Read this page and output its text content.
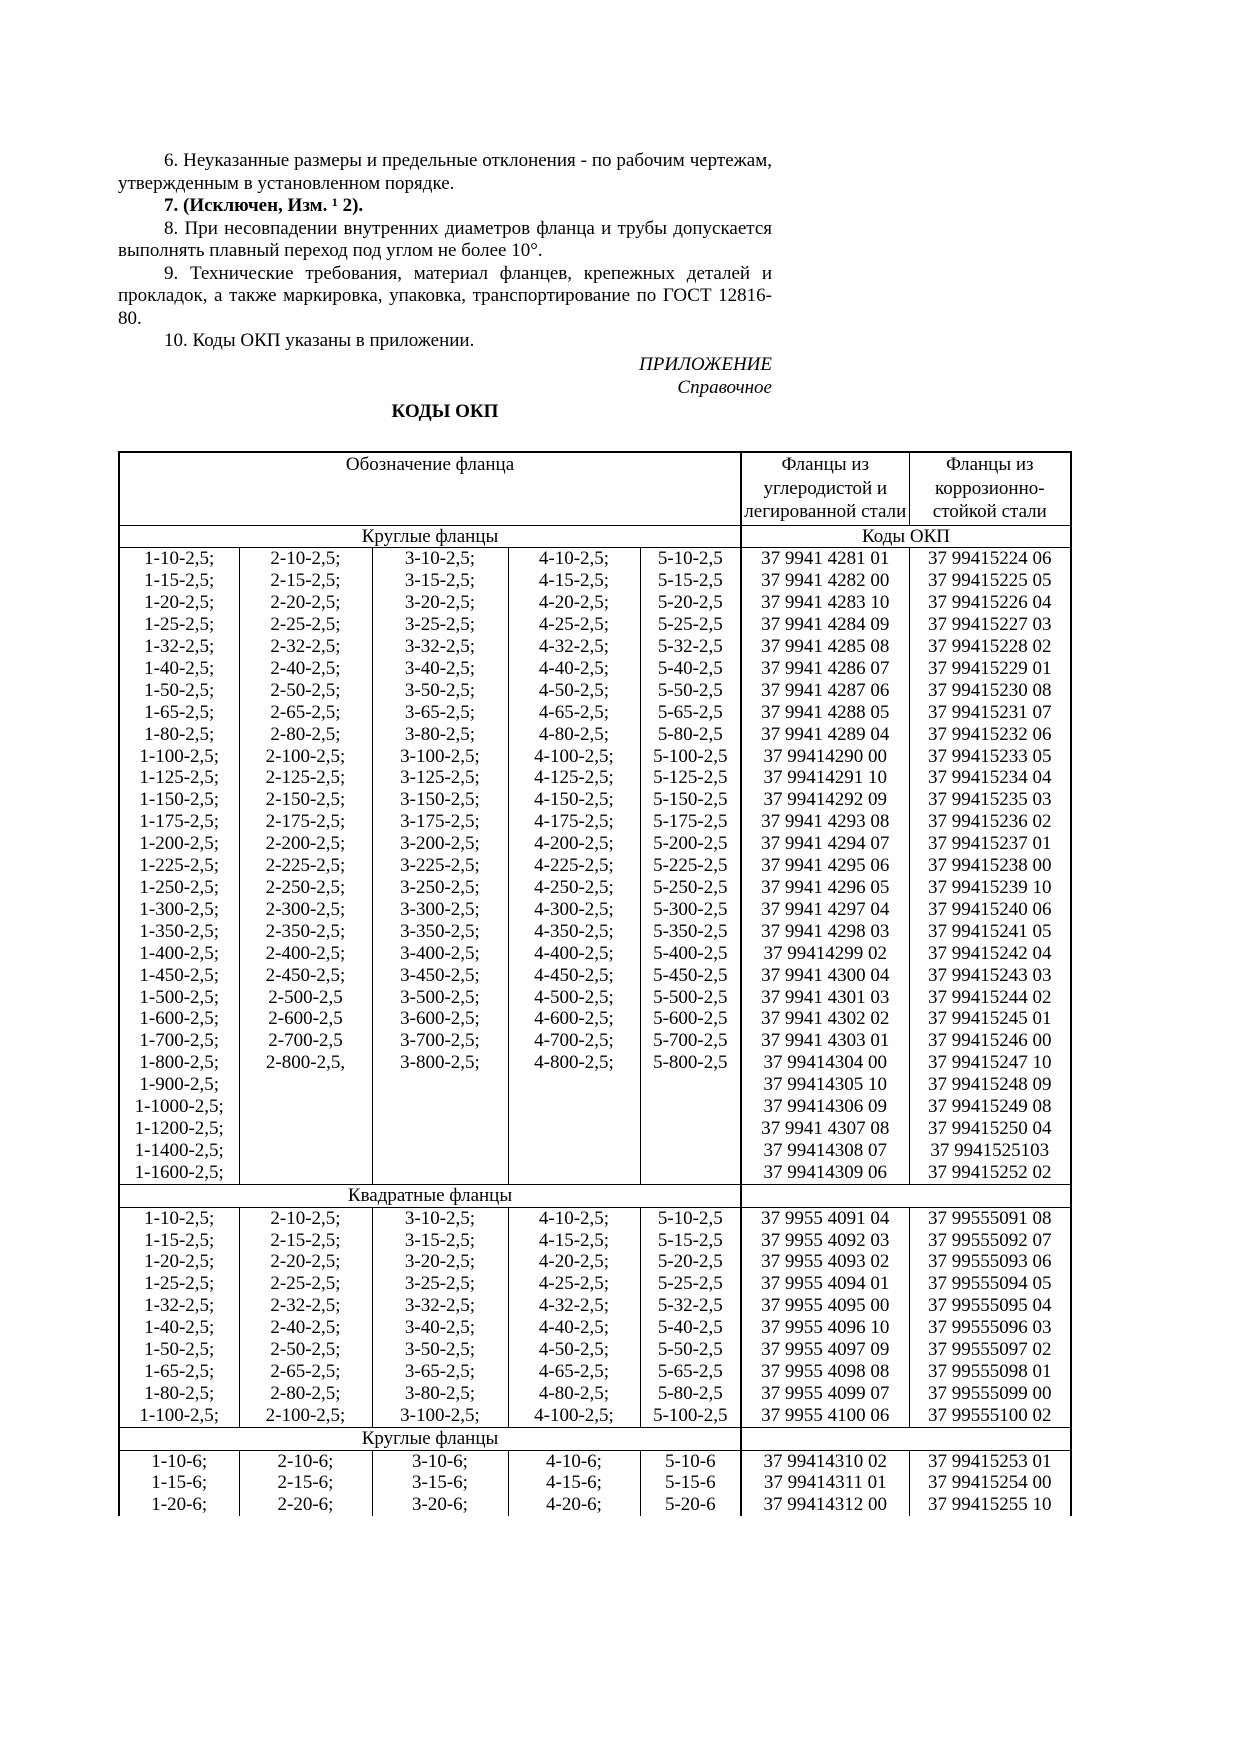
6. Неуказанные размеры и предельные отклонения - по рабочим чертежам, утвержденным в установленном порядке.

7. (Исключен, Изм. ¹ 2).

8. При несовпадении внутренних диаметров фланца и трубы допускается выполнять плавный переход под углом не более 10°.

9. Технические требования, материал фланцев, крепежных деталей и прокладок, а также маркировка, упаковка, транспортирование по ГОСТ 12816-80.

10. Коды ОКП указаны в приложении.

ПРИЛОЖЕНИЕ
Справочное
КОДЫ ОКП
Обозначение фланца					Фланцы из углеродистой и легированной стали	Фланцы из коррозионно-стойкой стали
Круглые фланцы					Коды ОКП	
1-10-2,5;	2-10-2,5;	3-10-2,5;	4-10-2,5;	5-10-2,5	37 9941 4281 01	37 99415224 06
1-15-2,5;	2-15-2,5;	3-15-2,5;	4-15-2,5;	5-15-2,5	37 9941 4282 00	37 99415225 05
1-20-2,5;	2-20-2,5;	3-20-2,5;	4-20-2,5;	5-20-2,5	37 9941 4283 10	37 99415226 04
1-25-2,5;	2-25-2,5;	3-25-2,5;	4-25-2,5;	5-25-2,5	37 9941 4284 09	37 99415227 03
1-32-2,5;	2-32-2,5;	3-32-2,5;	4-32-2,5;	5-32-2,5	37 9941 4285 08	37 99415228 02
1-40-2,5;	2-40-2,5;	3-40-2,5;	4-40-2,5;	5-40-2,5	37 9941 4286 07	37 99415229 01
1-50-2,5;	2-50-2,5;	3-50-2,5;	4-50-2,5;	5-50-2,5	37 9941 4287 06	37 99415230 08
1-65-2,5;	2-65-2,5;	3-65-2,5;	4-65-2,5;	5-65-2,5	37 9941 4288 05	37 99415231 07
1-80-2,5;	2-80-2,5;	3-80-2,5;	4-80-2,5;	5-80-2,5	37 9941 4289 04	37 99415232 06
1-100-2,5;	2-100-2,5;	3-100-2,5;	4-100-2,5;	5-100-2,5	37 99414290 00	37 99415233 05
1-125-2,5;	2-125-2,5;	3-125-2,5;	4-125-2,5;	5-125-2,5	37 99414291 10	37 99415234 04
1-150-2,5;	2-150-2,5;	3-150-2,5;	4-150-2,5;	5-150-2,5	37 99414292 09	37 99415235 03
1-175-2,5;	2-175-2,5;	3-175-2,5;	4-175-2,5;	5-175-2,5	37 9941 4293 08	37 99415236 02
1-200-2,5;	2-200-2,5;	3-200-2,5;	4-200-2,5;	5-200-2,5	37 9941 4294 07	37 99415237 01
1-225-2,5;	2-225-2,5;	3-225-2,5;	4-225-2,5;	5-225-2,5	37 9941 4295 06	37 99415238 00
1-250-2,5;	2-250-2,5;	3-250-2,5;	4-250-2,5;	5-250-2,5	37 9941 4296 05	37 99415239 10
1-300-2,5;	2-300-2,5;	3-300-2,5;	4-300-2,5;	5-300-2,5	37 9941 4297 04	37 99415240 06
1-350-2,5;	2-350-2,5;	3-350-2,5;	4-350-2,5;	5-350-2,5	37 9941 4298 03	37 99415241 05
1-400-2,5;	2-400-2,5;	3-400-2,5;	4-400-2,5;	5-400-2,5	37 99414299 02	37 99415242 04
1-450-2,5;	2-450-2,5;	3-450-2,5;	4-450-2,5;	5-450-2,5	37 9941 4300 04	37 99415243 03
1-500-2,5;	2-500-2,5	3-500-2,5;	4-500-2,5;	5-500-2,5	37 9941 4301 03	37 99415244 02
1-600-2,5;	2-600-2,5	3-600-2,5;	4-600-2,5;	5-600-2,5	37 9941 4302 02	37 99415245 01
1-700-2,5;	2-700-2,5	3-700-2,5;	4-700-2,5;	5-700-2,5	37 9941 4303 01	37 99415246 00
1-800-2,5;	2-800-2,5,	3-800-2,5;	4-800-2,5;	5-800-2,5	37 99414304 00	37 99415247 10
1-900-2,5;					37 99414305 10	37 99415248 09
1-1000-2,5;					37 99414306 09	37 99415249 08
1-1200-2,5;					37 9941 4307 08	37 99415250 04
1-1400-2,5;					37 99414308 07	37 9941525103
1-1600-2,5;					37 99414309 06	37 99415252 02
Квадратные фланцы						
1-10-2,5;	2-10-2,5;	3-10-2,5;	4-10-2,5;	5-10-2,5	37 9955 4091 04	37 99555091 08
1-15-2,5;	2-15-2,5;	3-15-2,5;	4-15-2,5;	5-15-2,5	37 9955 4092 03	37 99555092 07
1-20-2,5;	2-20-2,5;	3-20-2,5;	4-20-2,5;	5-20-2,5	37 9955 4093 02	37 99555093 06
1-25-2,5;	2-25-2,5;	3-25-2,5;	4-25-2,5;	5-25-2,5	37 9955 4094 01	37 99555094 05
1-32-2,5;	2-32-2,5;	3-32-2,5;	4-32-2,5;	5-32-2,5	37 9955 4095 00	37 99555095 04
1-40-2,5;	2-40-2,5;	3-40-2,5;	4-40-2,5;	5-40-2,5	37 9955 4096 10	37 99555096 03
1-50-2,5;	2-50-2,5;	3-50-2,5;	4-50-2,5;	5-50-2,5	37 9955 4097 09	37 99555097 02
1-65-2,5;	2-65-2,5;	3-65-2,5;	4-65-2,5;	5-65-2,5	37 9955 4098 08	37 99555098 01
1-80-2,5;	2-80-2,5;	3-80-2,5;	4-80-2,5;	5-80-2,5	37 9955 4099 07	37 99555099 00
1-100-2,5;	2-100-2,5;	3-100-2,5;	4-100-2,5;	5-100-2,5	37 9955 4100 06	37 99555100 02
Круглые фланцы						
1-10-6;	2-10-6;	3-10-6;	4-10-6;	5-10-6	37 99414310 02	37 99415253 01
1-15-6;	2-15-6;	3-15-6;	4-15-6;	5-15-6	37 99414311 01	37 99415254 00
1-20-6;	2-20-6;	3-20-6;	4-20-6;	5-20-6	37 99414312 00	37 99415255 10
